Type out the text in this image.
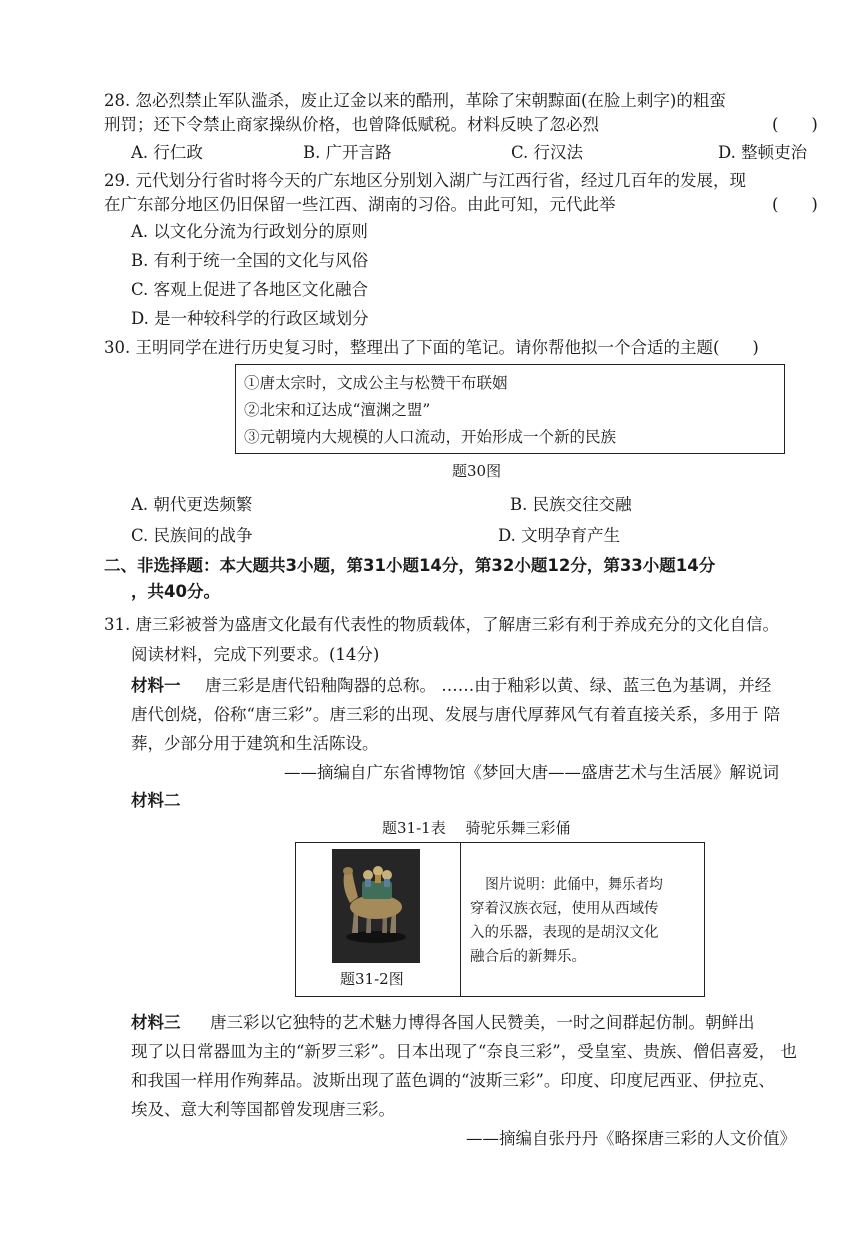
28. 忽必烈禁止军队滥杀，废止辽金以来的酷刑，革除了宋朝黥面(在脸上刺字)的粗蛮
刑罚；还下令禁止商家操纵价格，也曾降低赋税。材料反映了忽必烈	(　　)
A. 行仁政	B. 广开言路	C. 行汉法	D. 整顿吏治
29. 元代划分行省时将今天的广东地区分别划入湖广与江西行省，经过几百年的发展，现
在广东部分地区仍旧保留一些江西、湖南的习俗。由此可知，元代此举	(　　)
A. 以文化分流为行政划分的原则
B. 有利于统一全国的文化与风俗
C. 客观上促进了各地区文化融合
D. 是一种较科学的行政区域划分
30. 王明同学在进行历史复习时，整理出了下面的笔记。请你帮他拟一个合适的主题(　　)
①唐太宗时，文成公主与松赞干布联姻
②北宋和辽达成“澶渊之盟”
③元朝境内大规模的人口流动，开始形成一个新的民族
题30图
A. 朝代更迭频繁	B. 民族交往交融
C. 民族间的战争	D. 文明孕育产生
二、非选择题：本大题共3小题，第31小题14分，第32小题12分，第33小题14分
，共40分。
31. 唐三彩被誉为盛唐文化最有代表性的物质载体，了解唐三彩有利于养成充分的文化自信。
阅读材料，完成下列要求。(14分)
材料一 唐三彩是唐代铅釉陶器的总称。 ……由于釉彩以黄、绿、蓝三色为基调，并经
唐代创烧，俗称“唐三彩”。唐三彩的出现、发展与唐代厚葬风气有着直接关系，多用于 陪
葬，少部分用于建筑和生活陈设。
——摘编自广东省博物馆《梦回大唐——盛唐艺术与生活展》解说词
材料二
题31-1表　 骑驼乐舞三彩俑
题31-2图
图片说明：此俑中，舞乐者均
穿着汉族衣冠，使用从西域传
入的乐器，表现的是胡汉文化
融合后的新舞乐。
材料三 唐三彩以它独特的艺术魅力博得各国人民赞美，一时之间群起仿制。朝鲜出
现了以日常器皿为主的“新罗三彩”。日本出现了“奈良三彩”，受皇室、贵族、僧侣喜爱， 也
和我国一样用作殉葬品。波斯出现了蓝色调的“波斯三彩”。印度、印度尼西亚、伊拉克、
埃及、意大利等国都曾发现唐三彩。
——摘编自张丹丹《略探唐三彩的人文价值》
